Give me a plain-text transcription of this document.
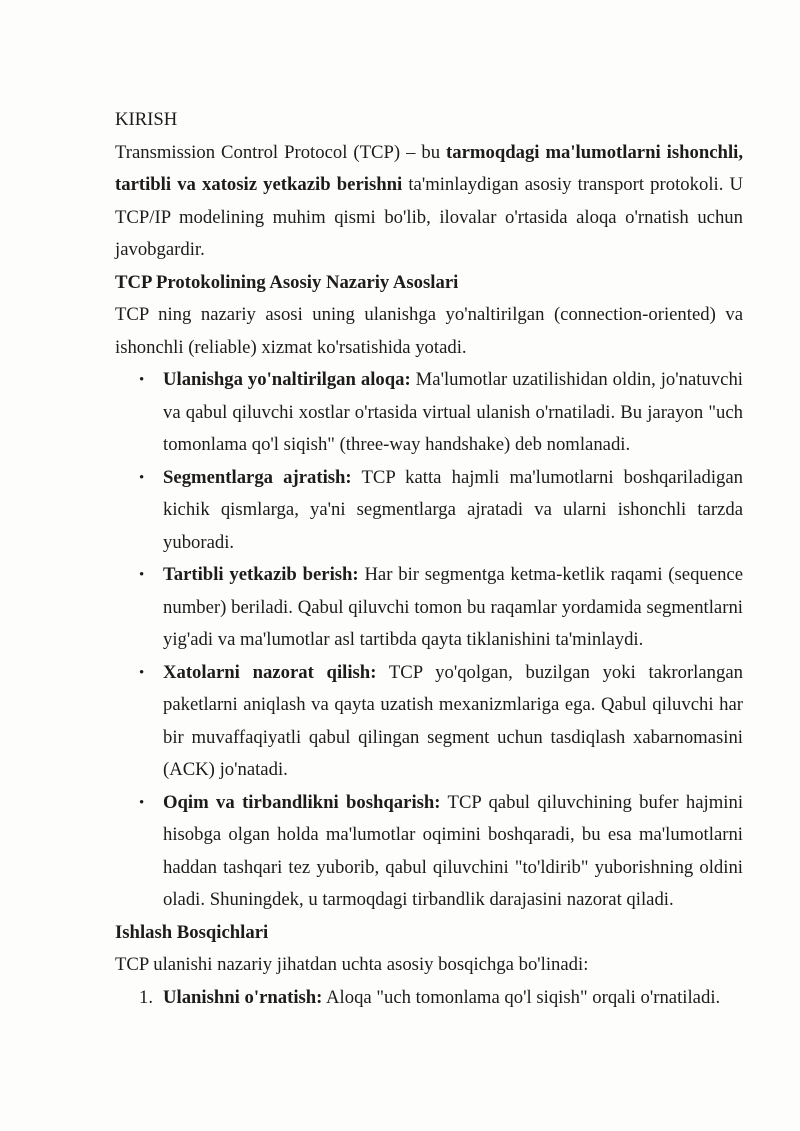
KIRISH

Transmission Control Protocol (TCP) – bu tarmoqdagi ma'lumotlarni ishonchli, tartibli va xatosiz yetkazib berishni ta'minlaydigan asosiy transport protokoli. U TCP/IP modelining muhim qismi bo'lib, ilovalar o'rtasida aloqa o'rnatish uchun javobgardir.

TCP Protokolining Asosiy Nazariy Asoslari

TCP ning nazariy asosi uning ulanishga yo'naltirilgan (connection-oriented) va ishonchli (reliable) xizmat ko'rsatishida yotadi.

• Ulanishga yo'naltirilgan aloqa: Ma'lumotlar uzatilishidan oldin, jo'natuvchi va qabul qiluvchi xostlar o'rtasida virtual ulanish o'rnatiladi. Bu jarayon "uch tomonlama qo'l siqish" (three-way handshake) deb nomlanadi.
• Segmentlarga ajratish: TCP katta hajmli ma'lumotlarni boshqariladigan kichik qismlarga, ya'ni segmentlarga ajratadi va ularni ishonchli tarzda yuboradi.
• Tartibli yetkazib berish: Har bir segmentga ketma-ketlik raqami (sequence number) beriladi. Qabul qiluvchi tomon bu raqamlar yordamida segmentlarni yig'adi va ma'lumotlar asl tartibda qayta tiklanishini ta'minlaydi.
• Xatolarni nazorat qilish: TCP yo'qolgan, buzilgan yoki takrorlangan paketlarni aniqlash va qayta uzatish mexanizmlariga ega. Qabul qiluvchi har bir muvaffaqiyatli qabul qilingan segment uchun tasdiqlash xabarnomasini (ACK) jo'natadi.
• Oqim va tirbandlikni boshqarish: TCP qabul qiluvchining bufer hajmini hisobga olgan holda ma'lumotlar oqimini boshqaradi, bu esa ma'lumotlarni haddan tashqari tez yuborib, qabul qiluvchini "to'ldirib" yuborishning oldini oladi. Shuningdek, u tarmoqdagi tirbandlik darajasini nazorat qiladi.

Ishlash Bosqichlari

TCP ulanishi nazariy jihatdan uchta asosiy bosqichga bo'linadi:

1. Ulanishni o'rnatish: Aloqa "uch tomonlama qo'l siqish" orqali o'rnatiladi.
